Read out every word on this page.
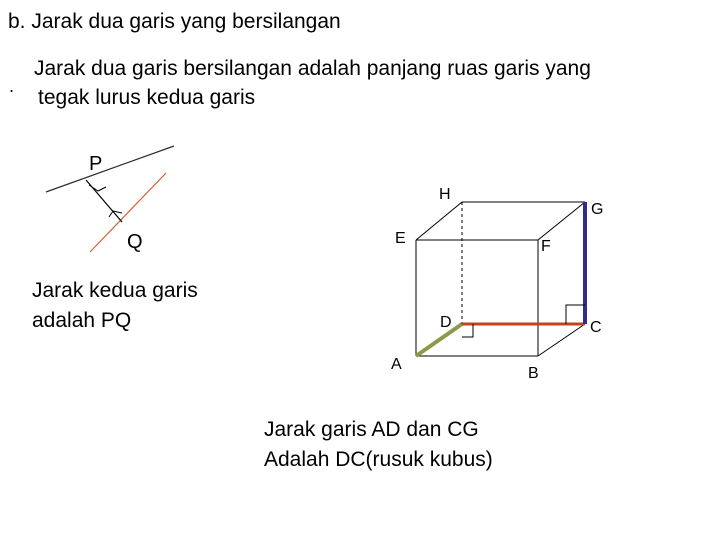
b. Jarak dua garis yang bersilangan
.
Jarak dua garis bersilangan adalah panjang ruas garis yang
tegak lurus kedua garis
P
Q
H
G
E	F
D	C
A
B
Jarak kedua garis
adalah PQ
Jarak garis AD dan CG
Adalah DC(rusuk kubus)
